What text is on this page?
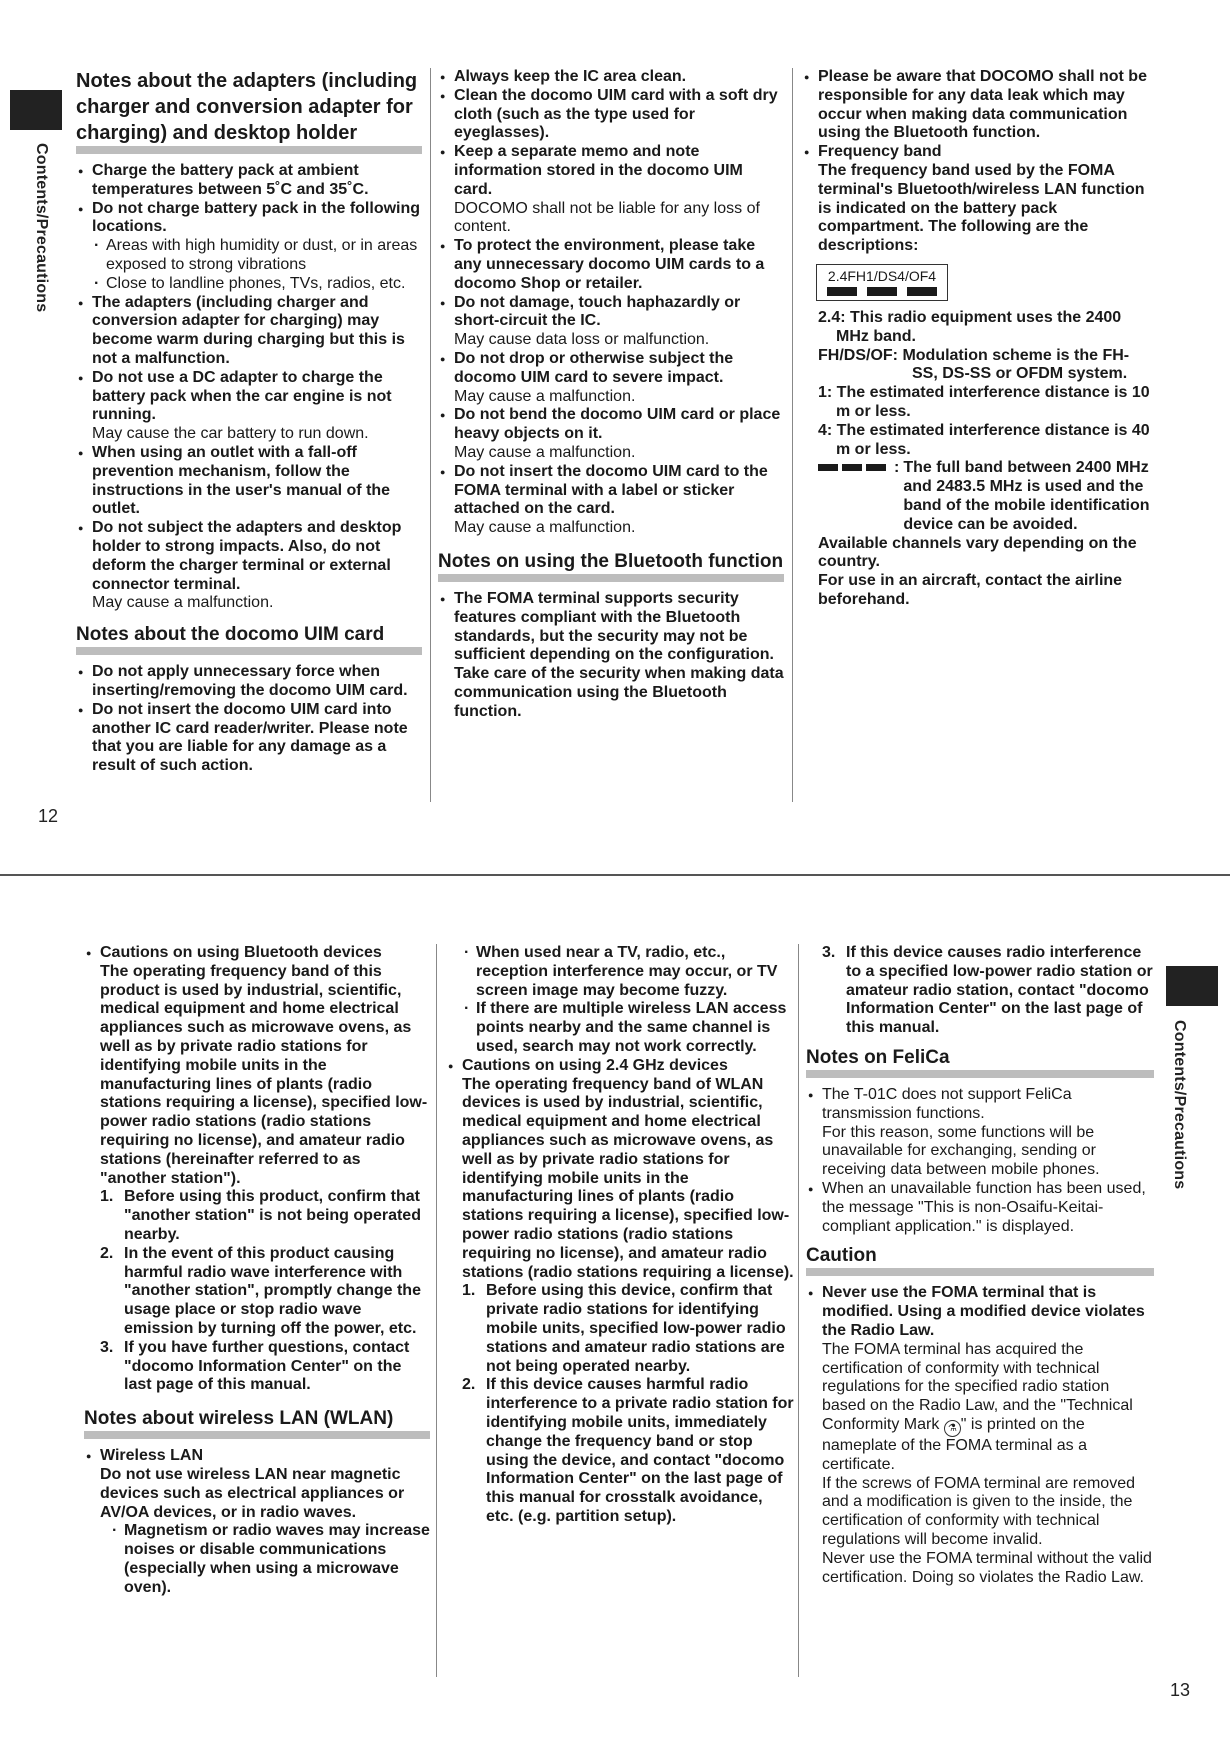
Contents/Precautions
12
Notes about the adapters (including charger and conversion adapter for charging) and desktop holder
● Charge the battery pack at ambient temperatures between 5˚C and 35˚C.
● Do not charge battery pack in the following locations.
· Areas with high humidity or dust, or in areas exposed to strong vibrations
· Close to landline phones, TVs, radios, etc.
● The adapters (including charger and conversion adapter for charging) may become warm during charging but this is not a malfunction.
● Do not use a DC adapter to charge the battery pack when the car engine is not running.
May cause the car battery to run down.
● When using an outlet with a fall-off prevention mechanism, follow the instructions in the user's manual of the outlet.
● Do not subject the adapters and desktop holder to strong impacts. Also, do not deform the charger terminal or external connector terminal.
May cause a malfunction.
Notes about the docomo UIM card
● Do not apply unnecessary force when inserting/removing the docomo UIM card.
● Do not insert the docomo UIM card into another IC card reader/writer. Please note that you are liable for any damage as a result of such action.
● Always keep the IC area clean.
● Clean the docomo UIM card with a soft dry cloth (such as the type used for eyeglasses).
● Keep a separate memo and note information stored in the docomo UIM card.
DOCOMO shall not be liable for any loss of content.
● To protect the environment, please take any unnecessary docomo UIM cards to a docomo Shop or retailer.
● Do not damage, touch haphazardly or short-circuit the IC.
May cause data loss or malfunction.
● Do not drop or otherwise subject the docomo UIM card to severe impact.
May cause a malfunction.
● Do not bend the docomo UIM card or place heavy objects on it.
May cause a malfunction.
● Do not insert the docomo UIM card to the FOMA terminal with a label or sticker attached on the card.
May cause a malfunction.
Notes on using the Bluetooth function
● The FOMA terminal supports security features compliant with the Bluetooth standards, but the security may not be sufficient depending on the configuration.
Take care of the security when making data communication using the Bluetooth function.
● Please be aware that DOCOMO shall not be responsible for any data leak which may occur when making data communication using the Bluetooth function.
● Frequency band
The frequency band used by the FOMA terminal's Bluetooth/wireless LAN function is indicated on the battery pack compartment. The following are the descriptions:
2.4FH1/DS4/OF4
2.4: This radio equipment uses the 2400 MHz band.
FH/DS/OF: Modulation scheme is the FH-SS, DS-SS or OFDM system.
1: The estimated interference distance is 10 m or less.
4: The estimated interference distance is 40 m or less.
: The full band between 2400 MHz and 2483.5 MHz is used and the band of the mobile identification device can be avoided.
Available channels vary depending on the country.
For use in an aircraft, contact the airline beforehand.
Contents/Precautions
13
● Cautions on using Bluetooth devices
The operating frequency band of this product is used by industrial, scientific, medical equipment and home electrical appliances such as microwave ovens, as well as by private radio stations for identifying mobile units in the manufacturing lines of plants (radio stations requiring a license), specified low-power radio stations (radio stations requiring no license), and amateur radio stations (hereinafter referred to as "another station").
1. Before using this product, confirm that "another station" is not being operated nearby.
2. In the event of this product causing harmful radio wave interference with "another station", promptly change the usage place or stop radio wave emission by turning off the power, etc.
3. If you have further questions, contact "docomo Information Center" on the last page of this manual.
Notes about wireless LAN (WLAN)
● Wireless LAN
Do not use wireless LAN near magnetic devices such as electrical appliances or AV/OA devices, or in radio waves.
· Magnetism or radio waves may increase noises or disable communications (especially when using a microwave oven).
· When used near a TV, radio, etc., reception interference may occur, or TV screen image may become fuzzy.
· If there are multiple wireless LAN access points nearby and the same channel is used, search may not work correctly.
● Cautions on using 2.4 GHz devices
The operating frequency band of WLAN devices is used by industrial, scientific, medical equipment and home electrical appliances such as microwave ovens, as well as by private radio stations for identifying mobile units in the manufacturing lines of plants (radio stations requiring a license), specified low-power radio stations (radio stations requiring no license), and amateur radio stations (radio stations requiring a license).
1. Before using this device, confirm that private radio stations for identifying mobile units, specified low-power radio stations and amateur radio stations are not being operated nearby.
2. If this device causes harmful radio interference to a private radio station for identifying mobile units, immediately change the frequency band or stop using the device, and contact "docomo Information Center" on the last page of this manual for crosstalk avoidance, etc. (e.g. partition setup).
3. If this device causes radio interference to a specified low-power radio station or amateur radio station, contact "docomo Information Center" on the last page of this manual.
Notes on FeliCa
● The T-01C does not support FeliCa transmission functions.
For this reason, some functions will be unavailable for exchanging, sending or receiving data between mobile phones.
● When an unavailable function has been used, the message "This is non-Osaifu-Keitai-compliant application." is displayed.
Caution
● Never use the FOMA terminal that is modified. Using a modified device violates the Radio Law.
The FOMA terminal has acquired the certification of conformity with technical regulations for the specified radio station based on the Radio Law, and the "Technical Conformity Mark ⚗ " is printed on the nameplate of the FOMA terminal as a certificate.
If the screws of FOMA terminal are removed and a modification is given to the inside, the certification of conformity with technical regulations will become invalid.
Never use the FOMA terminal without the valid certification. Doing so violates the Radio Law.
